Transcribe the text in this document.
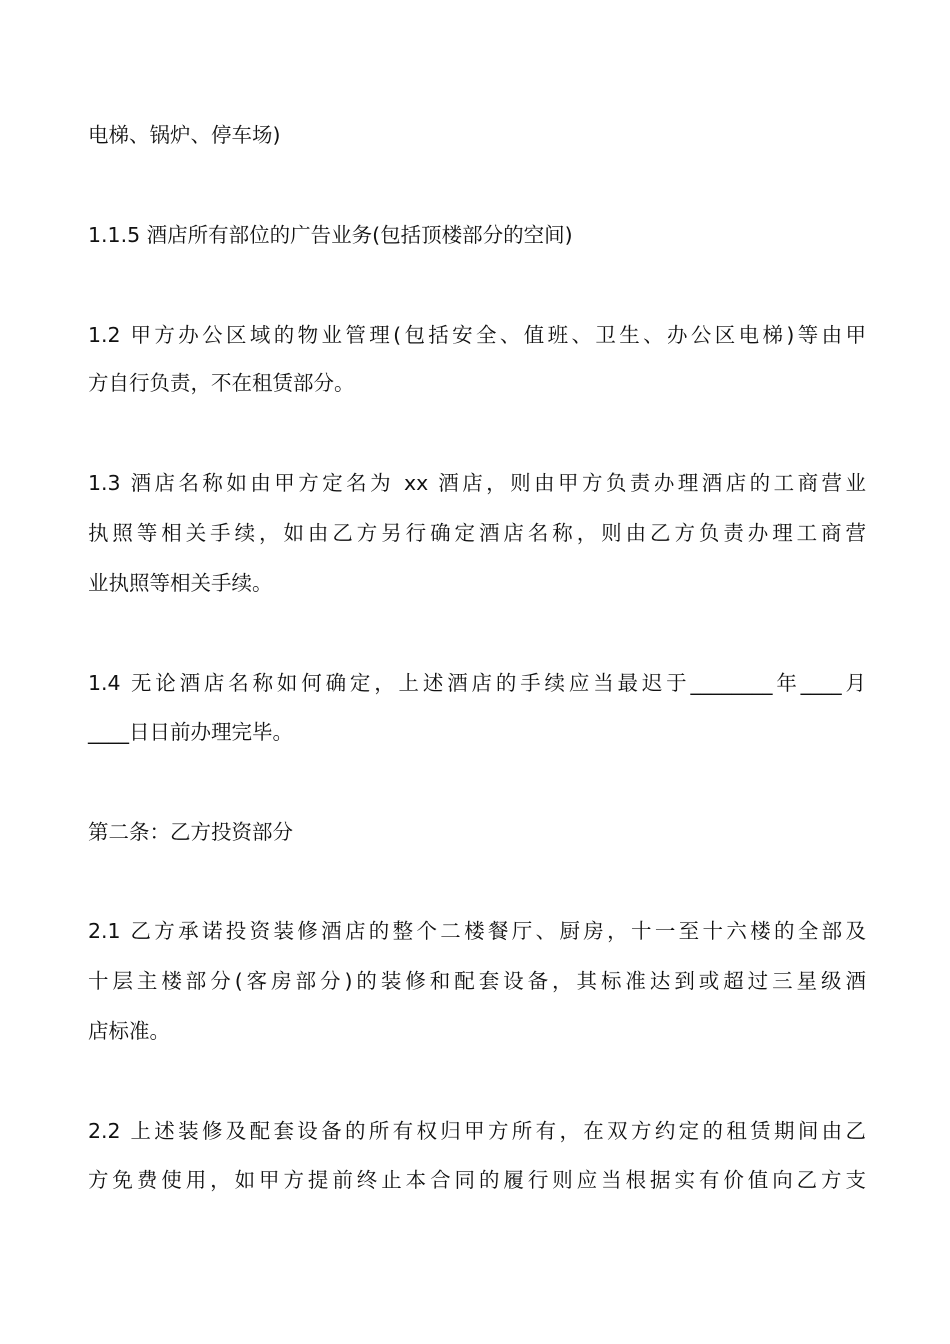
电梯、锅炉、停车场)
1.1.5 酒店所有部位的广告业务(包括顶楼部分的空间)
1.2 甲方办公区域的物业管理(包括安全、值班、卫生、办公区电梯)等由甲
方自行负责，不在租赁部分。
1.3 酒店名称如由甲方定名为 xx 酒店，则由甲方负责办理酒店的工商营业
执照等相关手续，如由乙方另行确定酒店名称，则由乙方负责办理工商营
业执照等相关手续。
1.4 无论酒店名称如何确定，上述酒店的手续应当最迟于________年____月
____日日前办理完毕。
第二条：乙方投资部分
2.1 乙方承诺投资装修酒店的整个二楼餐厅、厨房，十一至十六楼的全部及
十层主楼部分(客房部分)的装修和配套设备，其标准达到或超过三星级酒
店标准。
2.2 上述装修及配套设备的所有权归甲方所有，在双方约定的租赁期间由乙
方免费使用，如甲方提前终止本合同的履行则应当根据实有价值向乙方支
